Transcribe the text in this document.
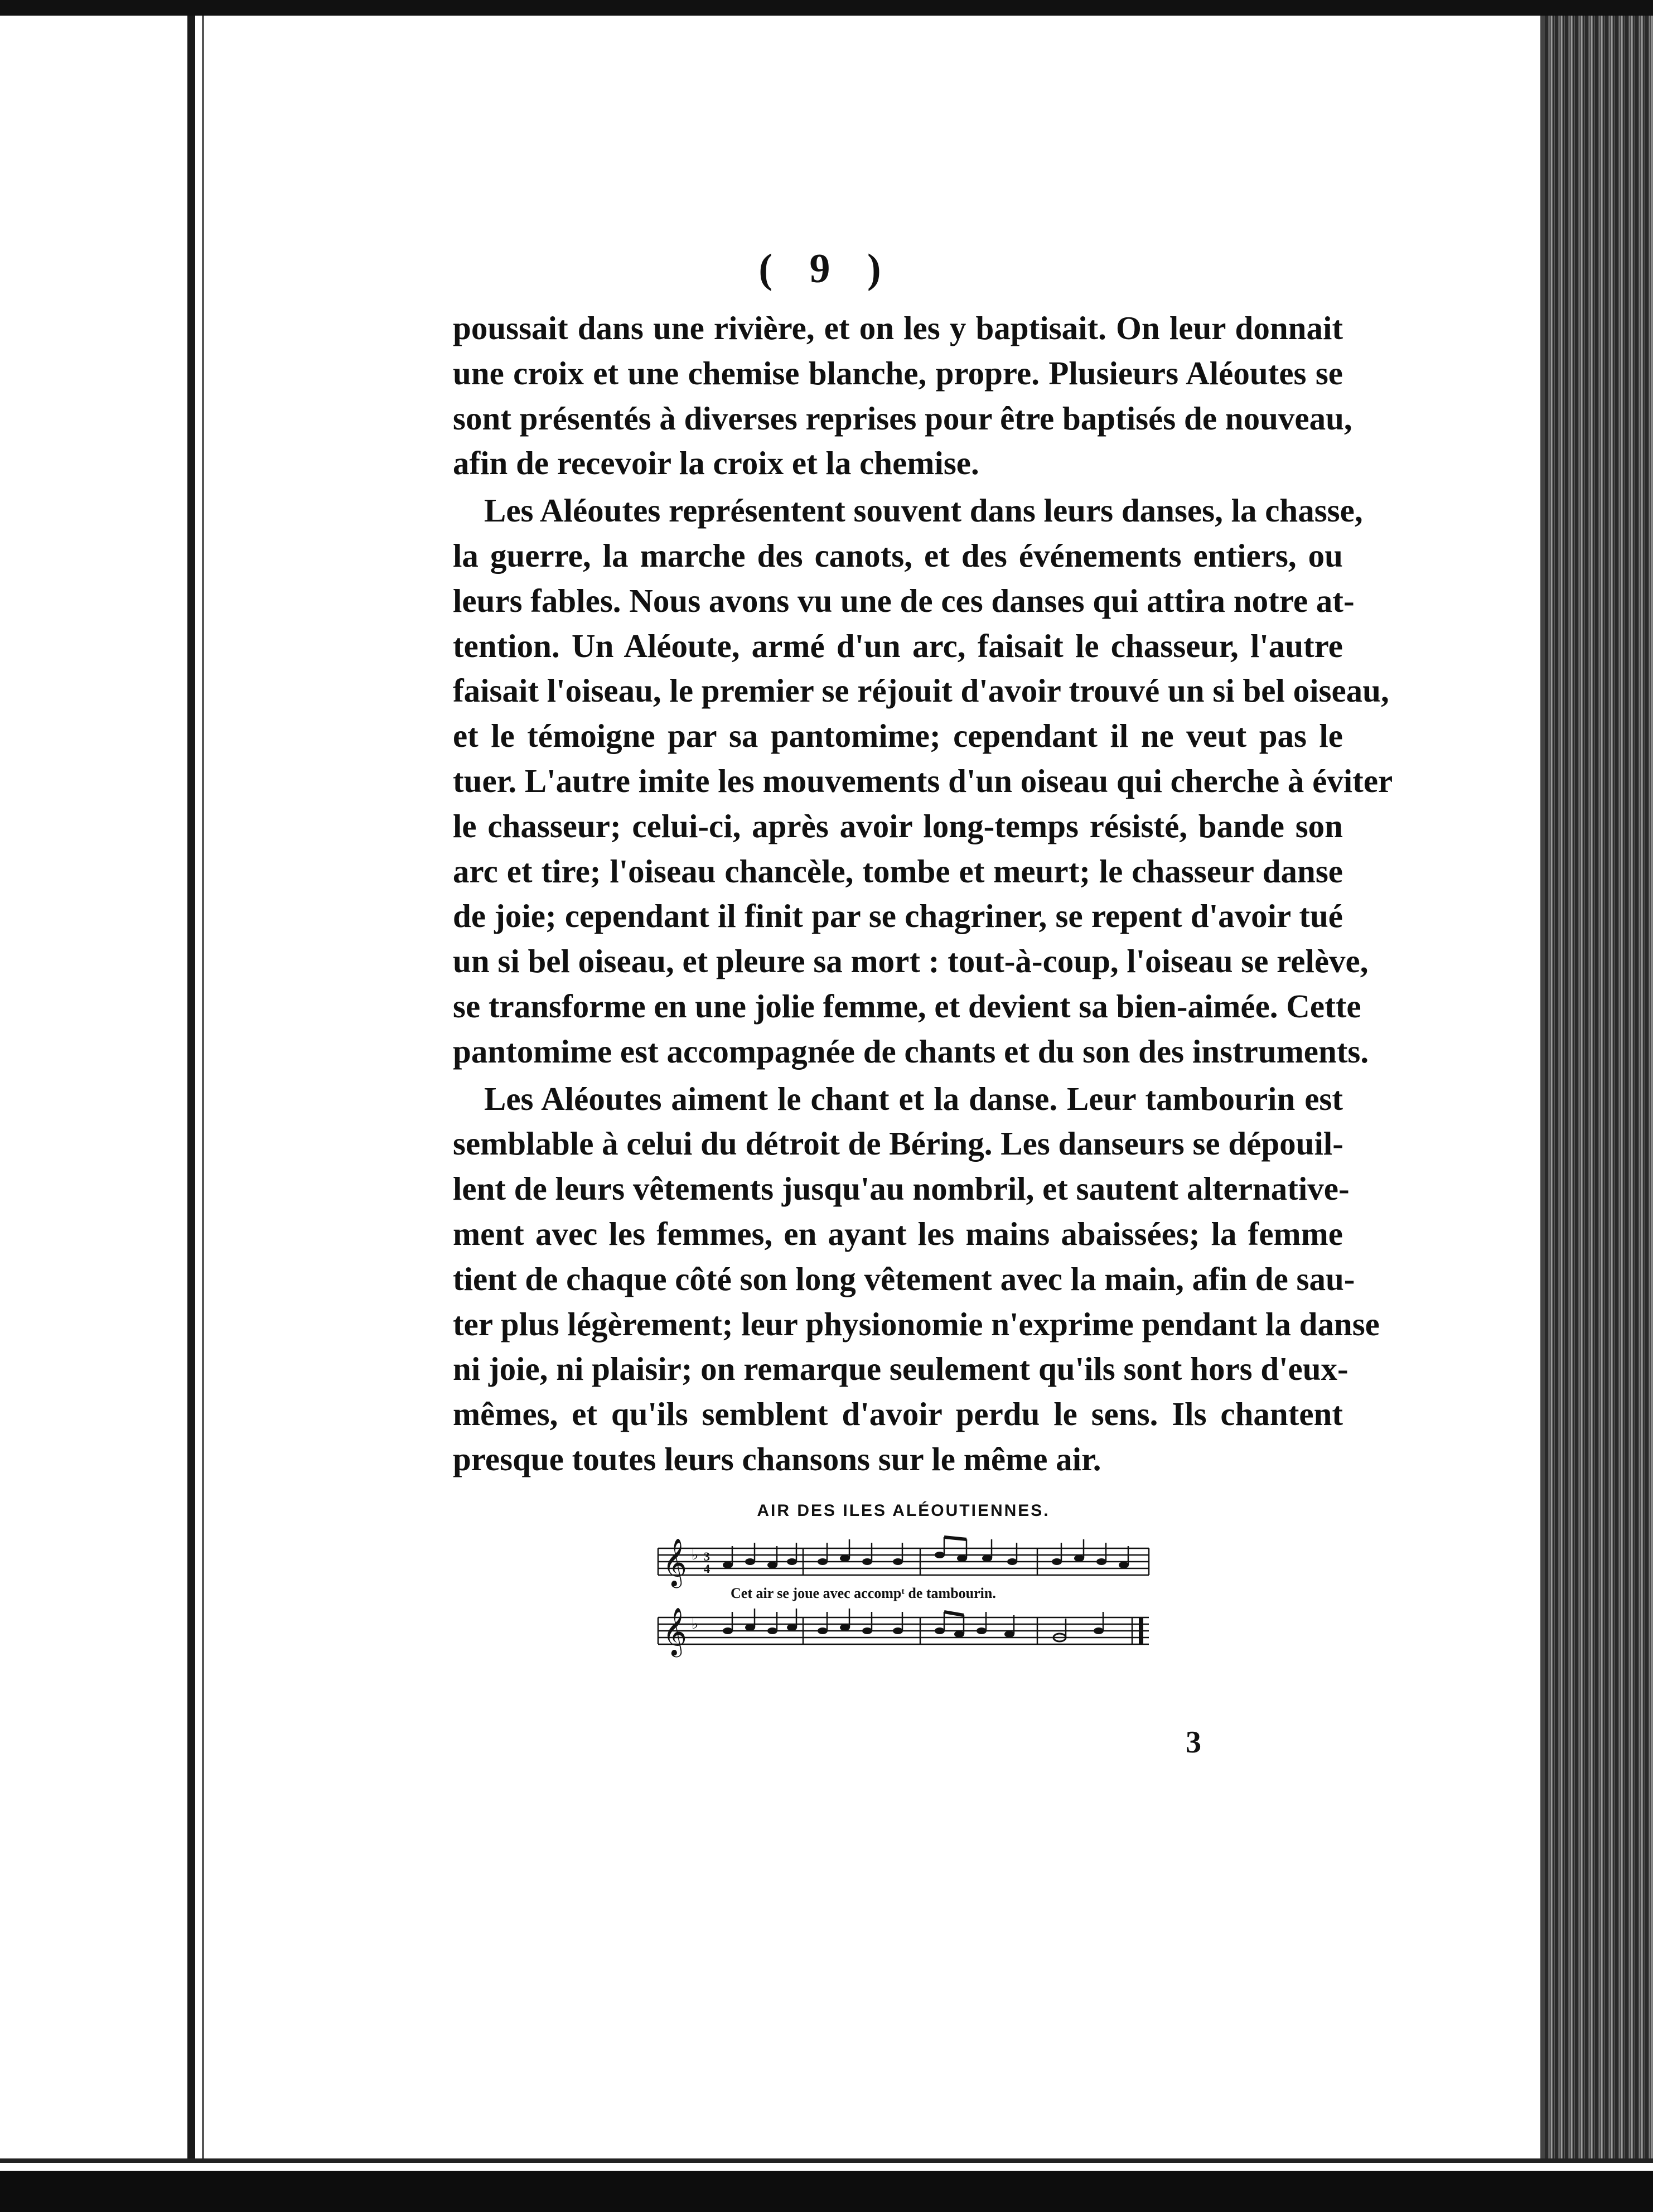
( 9 )
poussait dans une rivière, et on les y baptisait. On leur donnait
une croix et une chemise blanche, propre. Plusieurs Aléoutes se
sont présentés à diverses reprises pour être baptisés de nouveau,
afin de recevoir la croix et la chemise.
Les Aléoutes représentent souvent dans leurs danses, la chasse,
la guerre, la marche des canots, et des événements entiers, ou
leurs fables. Nous avons vu une de ces danses qui attira notre at-
tention. Un Aléoute, armé d'un arc, faisait le chasseur, l'autre
faisait l'oiseau, le premier se réjouit d'avoir trouvé un si bel oiseau,
et le témoigne par sa pantomime; cependant il ne veut pas le
tuer. L'autre imite les mouvements d'un oiseau qui cherche à éviter
le chasseur; celui-ci, après avoir long-temps résisté, bande son
arc et tire; l'oiseau chancèle, tombe et meurt; le chasseur danse
de joie; cependant il finit par se chagriner, se repent d'avoir tué
un si bel oiseau, et pleure sa mort : tout-à-coup, l'oiseau se relève,
se transforme en une jolie femme, et devient sa bien-aimée. Cette
pantomime est accompagnée de chants et du son des instruments.
Les Aléoutes aiment le chant et la danse. Leur tambourin est
semblable à celui du détroit de Béring. Les danseurs se dépouil-
lent de leurs vêtements jusqu'au nombril, et sautent alternative-
ment avec les femmes, en ayant les mains abaissées; la femme
tient de chaque côté son long vêtement avec la main, afin de sau-
ter plus légèrement; leur physionomie n'exprime pendant la danse
ni joie, ni plaisir; on remarque seulement qu'ils sont hors d'eux-
mêmes, et qu'ils semblent d'avoir perdu le sens. Ils chantent
presque toutes leurs chansons sur le même air.
AIR DES ILES ALÉOUTIENNES.
𝄞
𝄞
♭
♭
3
4
Cet air se joue avec accompᵗ de tambourin.
3
